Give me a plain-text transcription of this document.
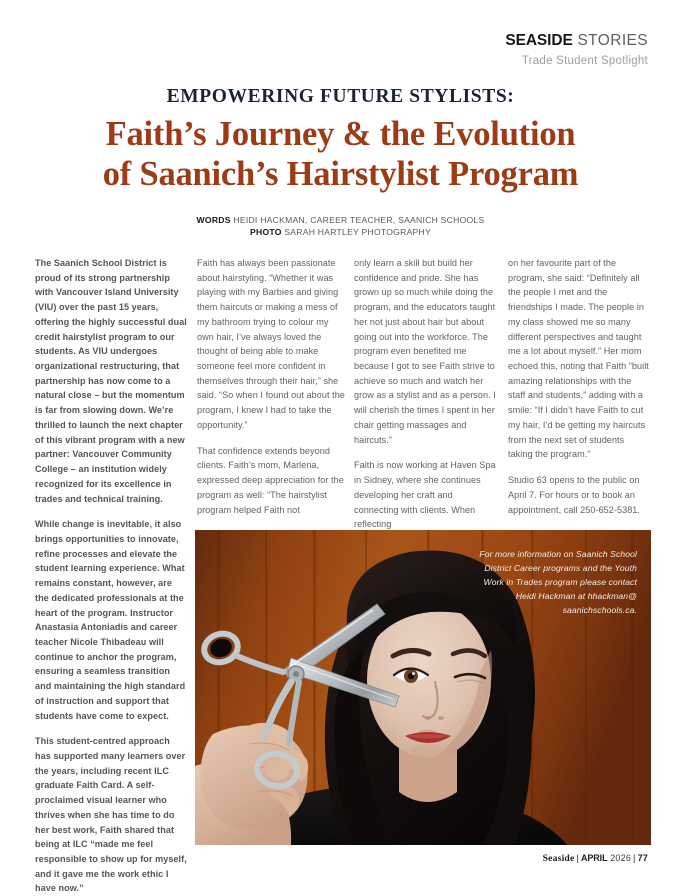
SEASIDE STORIES
Trade Student Spotlight
EMPOWERING FUTURE STYLISTS:
Faith’s Journey & the Evolution
of Saanich’s Hairstylist Program
WORDS HEIDI HACKMAN, CAREER TEACHER, SAANICH SCHOOLS
PHOTO SARAH HARTLEY PHOTOGRAPHY

The Saanich School District is proud of its strong partnership with Vancouver Island University (VIU) over the past 15 years, offering the highly successful dual credit hairstylist program to our students. As VIU undergoes organizational restructuring, that partnership has now come to a natural close – but the momentum is far from slowing down. We’re thrilled to launch the next chapter of this vibrant program with a new partner: Vancouver Community College – an institution widely recognized for its excellence in trades and technical training.

While change is inevitable, it also brings opportunities to innovate, refine processes and elevate the student learning experience. What remains constant, however, are the dedicated professionals at the heart of the program. Instructor Anastasia Antoniadis and career teacher Nicole Thibadeau will continue to anchor the program, ensuring a seamless transition and maintaining the high standard of instruction and support that students have come to expect.

This student-centred approach has supported many learners over the years, including recent ILC graduate Faith Card. A self-proclaimed visual learner who thrives when she has time to do her best work, Faith shared that being at ILC “made me feel responsible to show up for myself, and it gave me the work ethic I have now.”

Faith has always been passionate about hairstyling. “Whether it was playing with my Barbies and giving them haircuts or making a mess of my bathroom trying to colour my own hair, I’ve always loved the thought of being able to make someone feel more confident in themselves through their hair,” she said. “So when I found out about the program, I knew I had to take the opportunity.”

That confidence extends beyond clients. Faith’s mom, Marlena, expressed deep appreciation for the program as well: “The hairstylist program helped Faith not

only learn a skill but build her confidence and pride. She has grown up so much while doing the program, and the educators taught her not just about hair but about going out into the workforce. The program even benefited me because I got to see Faith strive to achieve so much and watch her grow as a stylist and as a person. I will cherish the times I spent in her chair getting massages and haircuts.”

Faith is now working at Haven Spa in Sidney, where she continues developing her craft and connecting with clients. When reflecting

on her favourite part of the program, she said: “Definitely all the people I met and the friendships I made. The people in my class showed me so many different perspectives and taught me a lot about myself.” Her mom echoed this, noting that Faith “built amazing relationships with the staff and students,” adding with a smile: “If I didn’t have Faith to cut my hair, I’d be getting my haircuts from the next set of students taking the program.”

Studio 63 opens to the public on April 7. For hours or to book an appointment, call 250-652-5381.

For more information on Saanich School District Career programs and the Youth Work in Trades program please contact Heidi Hackman at hhackman@ saanichschools.ca.
Seaside | APRIL 2026 | 77
